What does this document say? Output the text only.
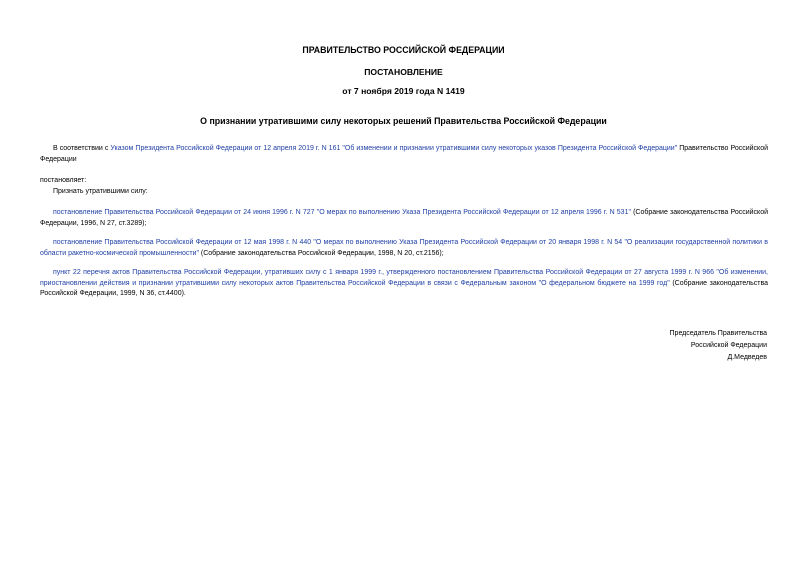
ПРАВИТЕЛЬСТВО РОССИЙСКОЙ ФЕДЕРАЦИИ
ПОСТАНОВЛЕНИЕ
от 7 ноября 2019 года N 1419
О признании утратившими силу некоторых решений Правительства Российской Федерации
В соответствии с Указом Президента Российской Федерации от 12 апреля 2019 г. N 161 "Об изменении и признании утратившими силу некоторых указов Президента Российской Федерации" Правительство Российской Федерации
постановляет:
Признать утратившими силу:
постановление Правительства Российской Федерации от 24 июня 1996 г. N 727 "О мерах по выполнению Указа Президента Российской Федерации от 12 апреля 1996 г. N 531" (Собрание законодательства Российской Федерации, 1996, N 27, ст.3289);
постановление Правительства Российской Федерации от 12 мая 1998 г. N 440 "О мерах по выполнению Указа Президента Российской Федерации от 20 января 1998 г. N 54 "О реализации государственной политики в области ракетно-космической промышленности" (Собрание законодательства Российской Федерации, 1998, N 20, ст.2156);
пункт 22 перечня актов Правительства Российской Федерации, утративших силу с 1 января 1999 г., утвержденного постановлением Правительства Российской Федерации от 27 августа 1999 г. N 966 "Об изменении, приостановлении действия и признании утратившими силу некоторых актов Правительства Российской Федерации в связи с Федеральным законом "О федеральном бюджете на 1999 год" (Собрание законодательства Российской Федерации, 1999, N 36, ст.4400).
Председатель Правительства
Российской Федерации
Д.Медведев
